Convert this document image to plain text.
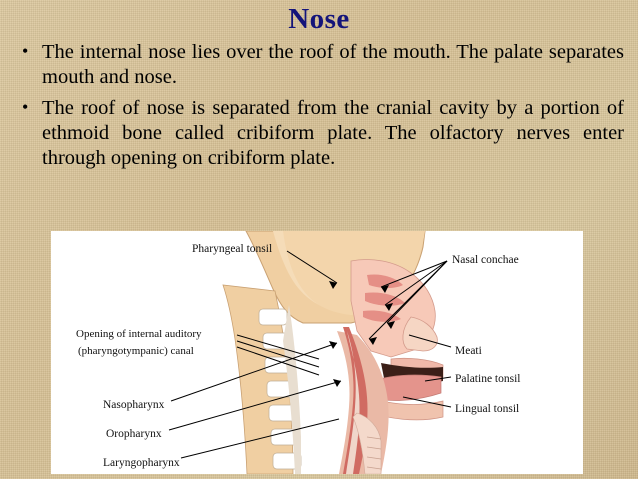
Nose
• The internal nose lies over the roof of the mouth. The palate separates mouth and nose.
• The roof of nose is separated from the cranial cavity by a portion of ethmoid bone called cribiform plate. The olfactory nerves enter through opening on cribiform plate.
Pharyngeal tonsil
Nasal conchae
Opening of internal auditory
(pharyngotympanic) canal	Meati
Palatine tonsil
Nasopharynx	Lingual tonsil
Oropharynx
Laryngopharynx
